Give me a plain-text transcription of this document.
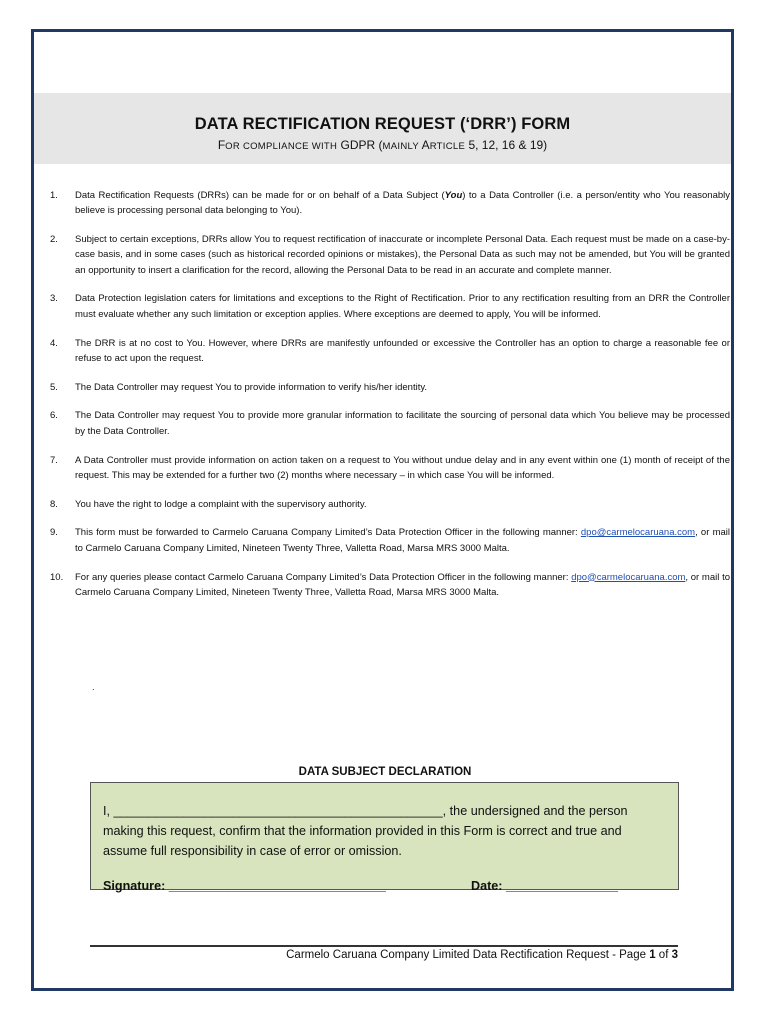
DATA RECTIFICATION REQUEST (‘DRR’) FORM
FOR COMPLIANCE WITH GDPR (MAINLY ARTICLE 5, 12, 16 & 19)
1. Data Rectification Requests (DRRs) can be made for or on behalf of a Data Subject (You) to a Data Controller (i.e. a person/entity who You reasonably believe is processing personal data belonging to You).
2. Subject to certain exceptions, DRRs allow You to request rectification of inaccurate or incomplete Personal Data. Each request must be made on a case-by-case basis, and in some cases (such as historical recorded opinions or mistakes), the Personal Data as such may not be amended, but You will be granted an opportunity to insert a clarification for the record, allowing the Personal Data to be read in an accurate and complete manner.
3. Data Protection legislation caters for limitations and exceptions to the Right of Rectification. Prior to any rectification resulting from an DRR the Controller must evaluate whether any such limitation or exception applies. Where exceptions are deemed to apply, You will be informed.
4. The DRR is at no cost to You. However, where DRRs are manifestly unfounded or excessive the Controller has an option to charge a reasonable fee or refuse to act upon the request.
5. The Data Controller may request You to provide information to verify his/her identity.
6. The Data Controller may request You to provide more granular information to facilitate the sourcing of personal data which You believe may be processed by the Data Controller.
7. A Data Controller must provide information on action taken on a request to You without undue delay and in any event within one (1) month of receipt of the request. This may be extended for a further two (2) months where necessary – in which case You will be informed.
8. You have the right to lodge a complaint with the supervisory authority.
9. This form must be forwarded to Carmelo Caruana Company Limited’s Data Protection Officer in the following manner: dpo@carmelocaruana.com, or mail to Carmelo Caruana Company Limited, Nineteen Twenty Three, Valletta Road, Marsa MRS 3000 Malta.
10. For any queries please contact Carmelo Caruana Company Limited’s Data Protection Officer in the following manner: dpo@carmelocaruana.com, or mail to Carmelo Caruana Company Limited, Nineteen Twenty Three, Valletta Road, Marsa MRS 3000 Malta.
.
DATA SUBJECT DECLARATION

I, _______________________________________________, the undersigned and the person making this request, confirm that the information provided in this Form is correct and true and assume full responsibility in case of error or omission.

Signature: _______________________________	Date: ________________
Carmelo Caruana Company Limited Data Rectification Request - Page 1 of 3
